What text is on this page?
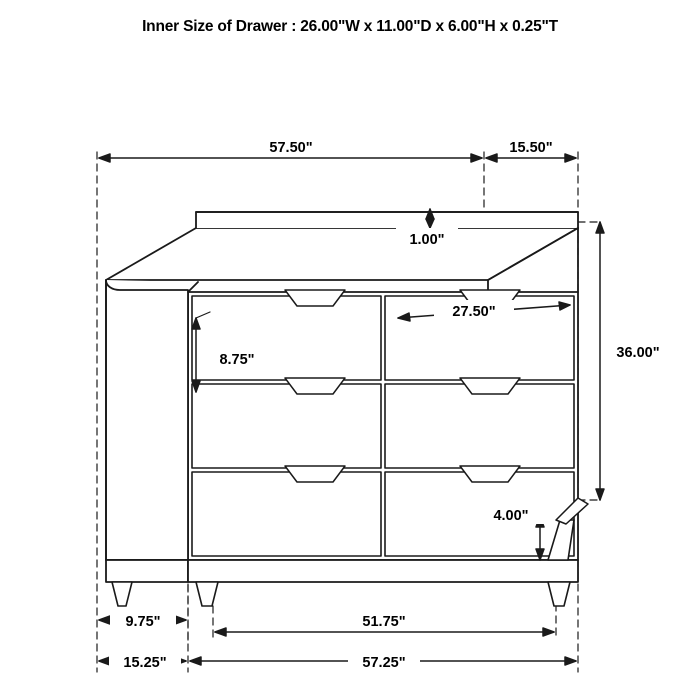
Inner Size of Drawer : 26.00"W x 11.00"D x 6.00"H x 0.25"T
57.50"	15.50"
1.00"
27.50"
8.75"	36.00"
4.00"
9.75"
15.25"
51.75"
57.25"
